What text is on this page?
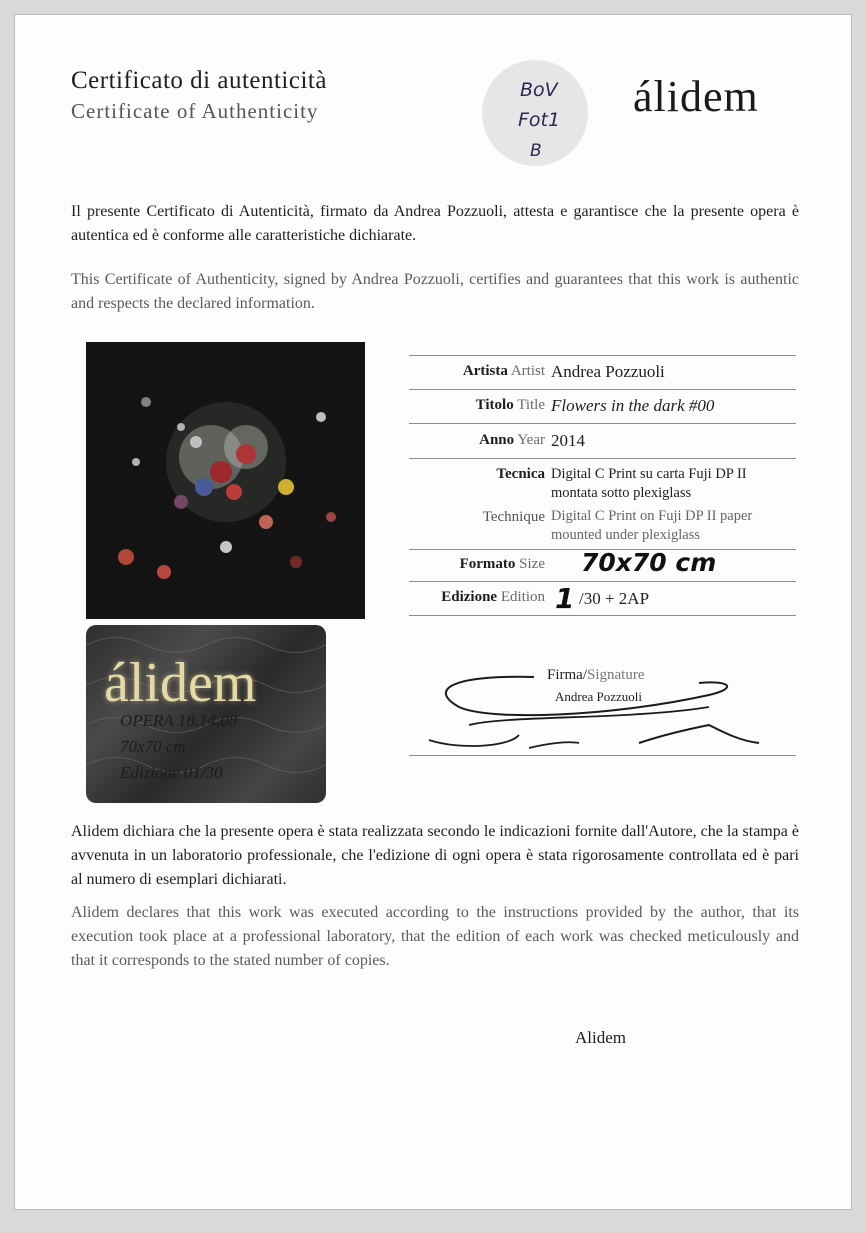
Certificato di autenticità
Certificate of Authenticity
BoV
Fot1
B
álidem
Il presente Certificato di Autenticità, firmato da Andrea Pozzuoli, attesta e garantisce che la presente opera è autentica ed è conforme alle caratteristiche dichiarate.
This Certificate of Authenticity, signed by Andrea Pozzuoli, certifies and guarantees that this work is authentic and respects the declared information.
álidem
OPERA 18.14.08
70x70 cm
Edizione 01/30
Artista Artist Andrea Pozzuoli
Titolo Title Flowers in the dark #00
Anno Year 2014
Tecnica Digital C Print su carta Fuji DP II montata sotto plexiglass
Technique Digital C Print on Fuji DP II paper mounted under plexiglass
Formato Size 70x70 cm
Edizione Edition 1 /30 + 2AP
Firma/Signature
Andrea Pozzuoli
Alidem dichiara che la presente opera è stata realizzata secondo le indicazioni fornite dall'Autore, che la stampa è avvenuta in un laboratorio professionale, che l'edizione di ogni opera è stata rigorosamente controllata ed è pari al numero di esemplari dichiarati.
Alidem declares that this work was executed according to the instructions provided by the author, that its execution took place at a professional laboratory, that the edition of each work was checked meticulously and that it corresponds to the stated number of copies.
Alidem
